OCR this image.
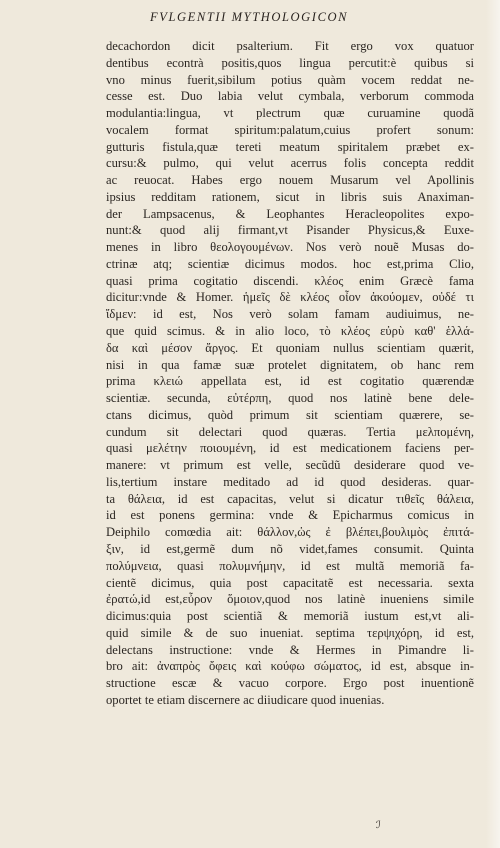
FVLGENTII MYTHOLOGICON
decachordon dicit psalterium. Fit ergo vox quatuor
dentibus econtrà positis,quos lingua percutit:è quibus si
vno minus fuerit,sibilum potius quàm vocem reddat ne-
cesse est. Duo labia velut cymbala, verborum commoda
modulantia:lingua, vt plectrum quæ curuamine quodã
vocalem format spiritum:palatum,cuius profert sonum:
gutturis fistula,quæ tereti meatum spiritalem præbet ex-
cursu:& pulmo, qui velut acerrus folis concepta reddit
ac reuocat. Habes ergo nouem Musarum vel Apollinis
ipsius redditam rationem, sicut in libris suis Anaximan-
der Lampsacenus, & Leophantes Heracleopolites expo-
nunt:& quod alij firmant,vt Pisander Physicus,& Euxe-
menes in libro θεολογουμένων. Nos verò nouẽ Musas do-
ctrinæ atq; scientiæ dicimus modos. hoc est,prima Clio,
quasi prima cogitatio discendi. κλέος enim Græcè fama
dicitur:vnde & Homer. ἡμεῖς δὲ κλέος οἶον ἀκούομεν, οὐδέ τι
ἴδμεν: id est, Nos verò solam famam audiuimus, ne-
que quid scimus. & in alio loco, τὸ κλέος εὐρὺ καθ' ἑλλά-
δα καὶ μέσον ἄργος. Et quoniam nullus scientiam quærit,
nisi in qua famæ suæ protelet dignitatem, ob hanc rem
prima κλειώ appellata est, id est cogitatio quærendæ
scientiæ. secunda, εὐτέρπη, quod nos latinè bene dele-
ctans dicimus, quòd primum sit scientiam quærere, se-
cundum sit delectari quod quæras. Tertia μελπομένη,
quasi μελέτην ποιουμένη, id est medicationem faciens per-
manere: vt primum est velle, secũdũ desiderare quod ve-
lis,tertium instare meditado ad id quod desideras. quar-
ta θάλεια, id est capacitas, velut si dicatur τιθεῖς θάλεια,
id est ponens germina: vnde & Epicharmus comicus in
Deiphilo comœdia ait: θάλλον,ὡς ἐ βλέπει,βουλιμὸς ἐπιτά-
ξιν, id est,germẽ dum nõ videt,fames consumit. Quinta
πολύμνεια, quasi πολυμνήμην, id est multã memoriã fa-
cientẽ dicimus, quia post capacitatẽ est necessaria. sexta
ἐρατώ,id est,εὖρον ὅμοιον,quod nos latinè inueniens simile
dicimus:quia post scientiã & memoriã iustum est,vt ali-
quid simile & de suo inueniat. septima τερψιχόρη, id est,
delectans instructione: vnde & Hermes in Pimandre li-
bro ait: ἀναπρὸς ὄφεις καὶ κούφω σώματος, id est, absque in-
structione escæ & vacuo corpore. Ergo post inuentionẽ
oportet te etiam discernere ac diiudicare quod inuenias.
ℐ
